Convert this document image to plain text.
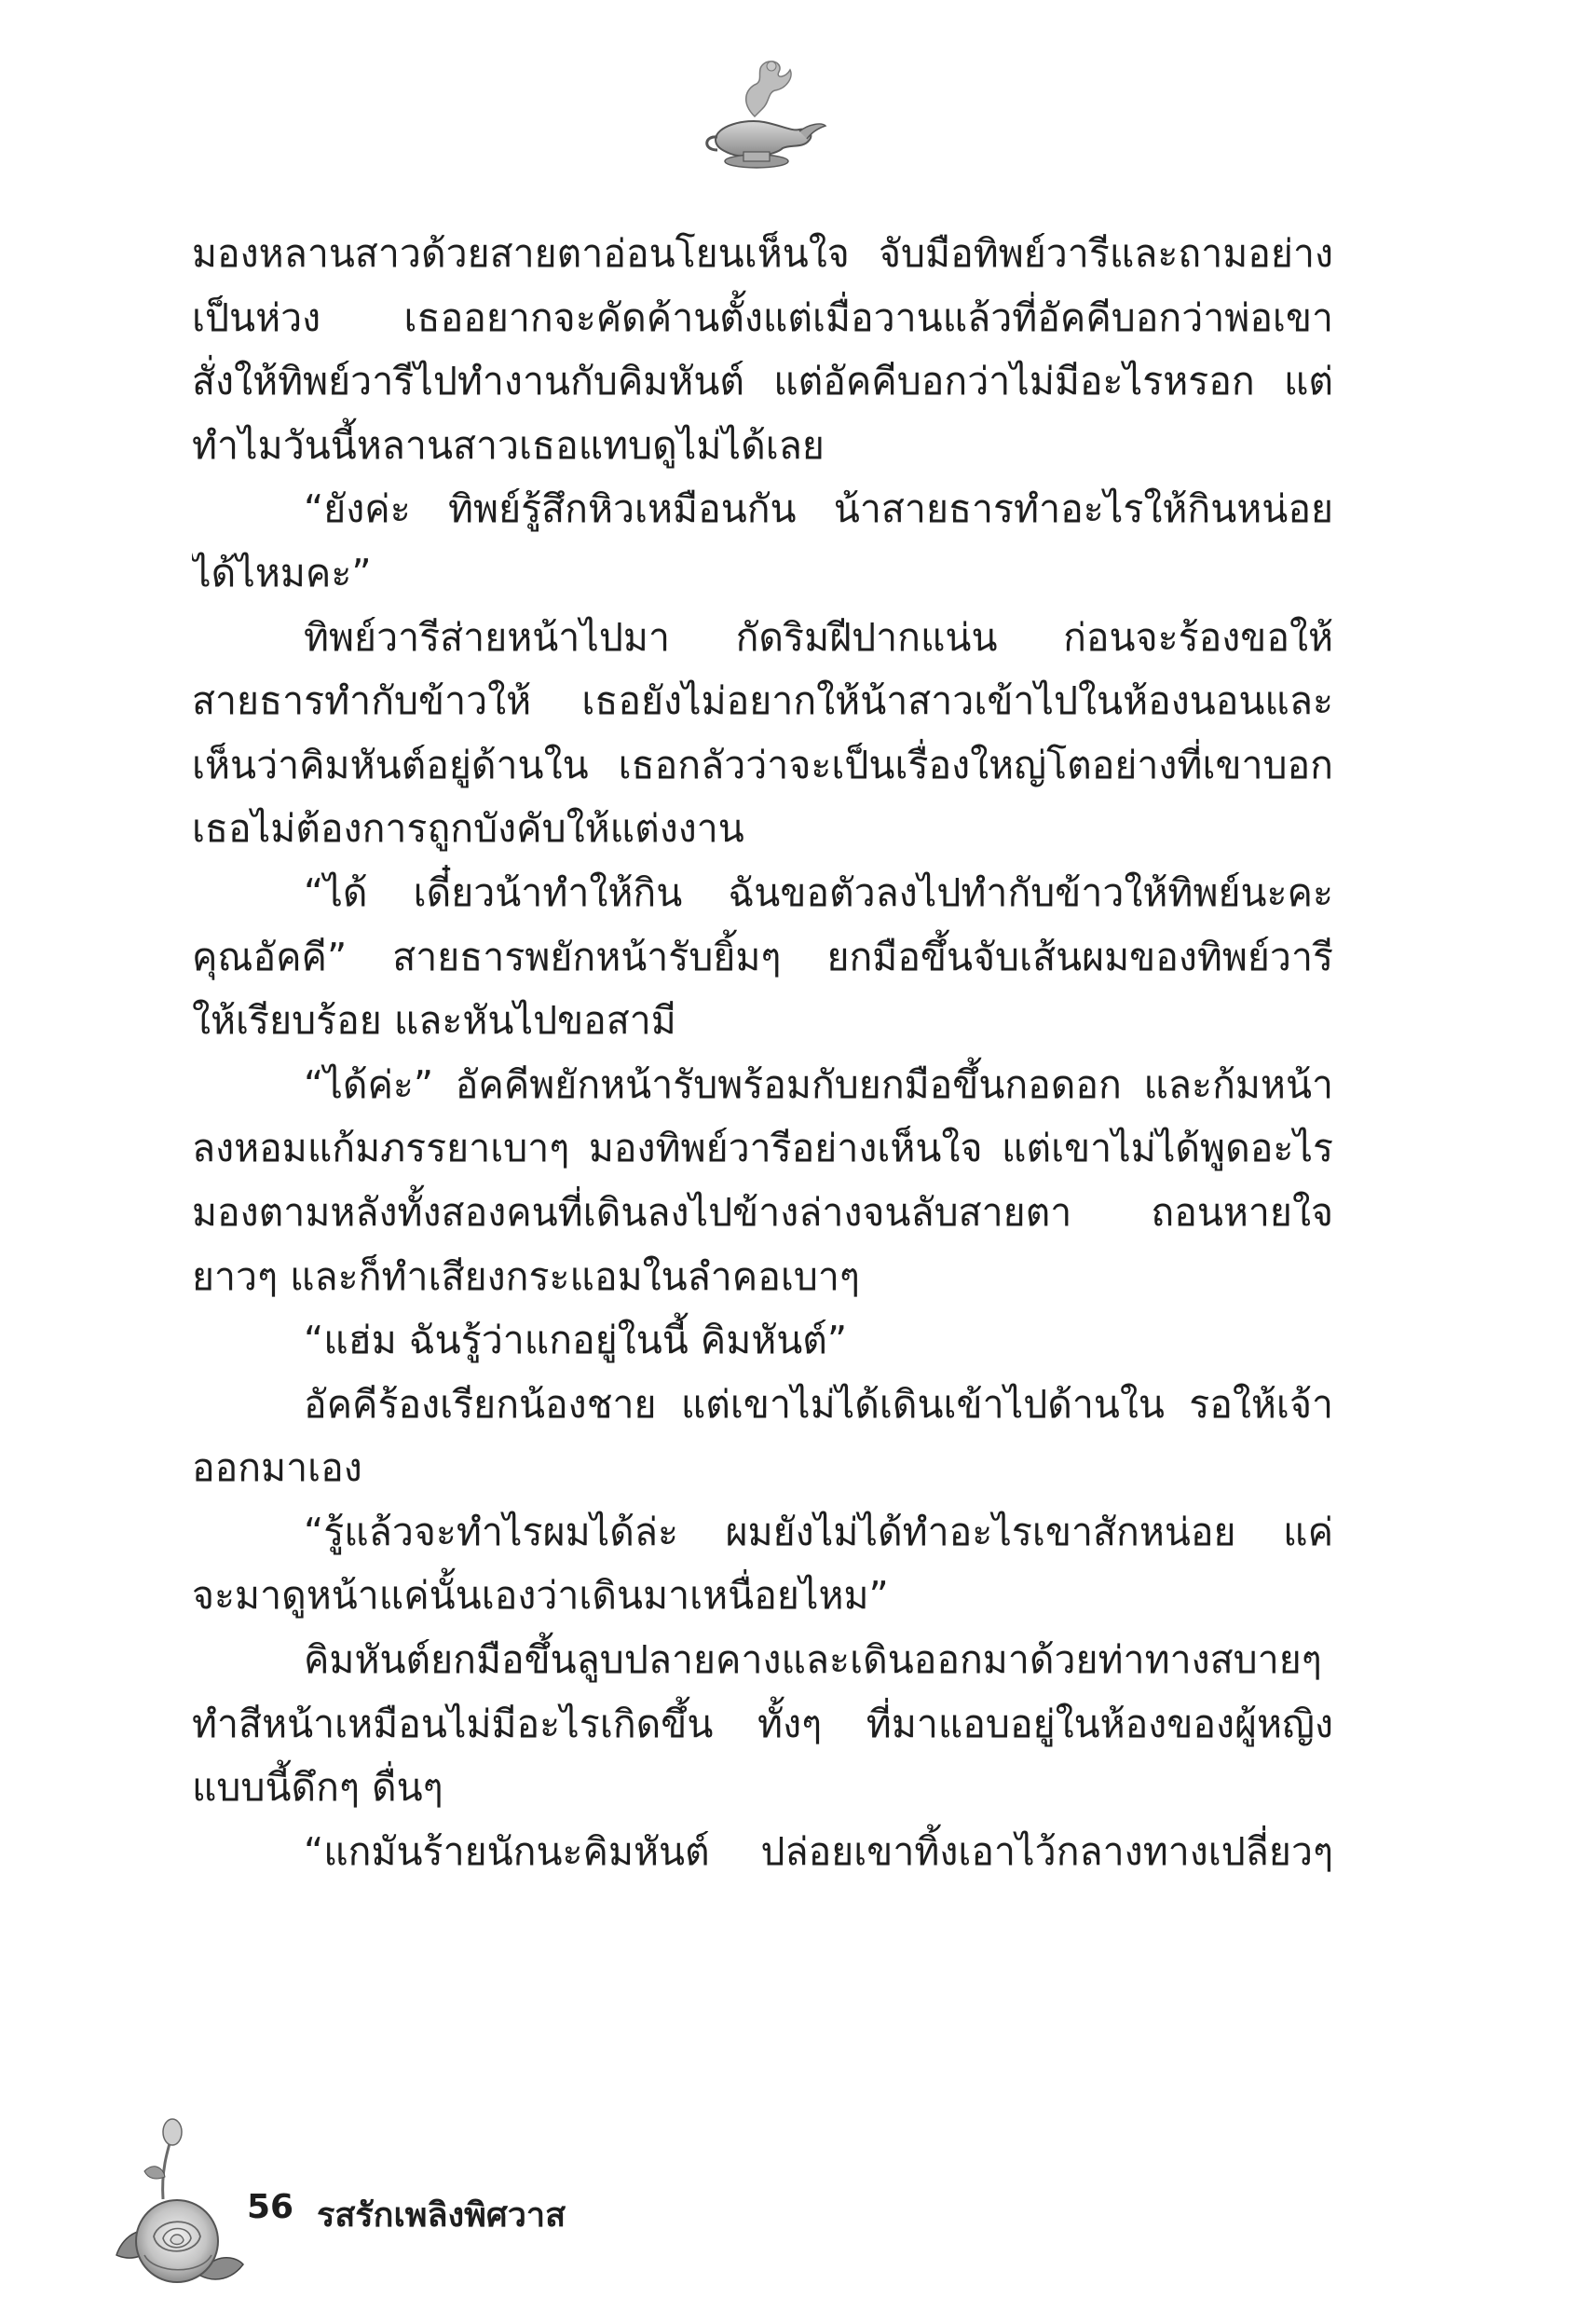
มองหลานสาวด้วยสายตาอ่อนโยนเห็นใจ จับมือทิพย์วารีและถามอย่าง
เป็นห่วง เธออยากจะคัดค้านตั้งแต่เมื่อวานแล้วที่อัคคีบอกว่าพ่อเขา
สั่งให้ทิพย์วารีไปทำงานกับคิมหันต์ แต่อัคคีบอกว่าไม่มีอะไรหรอก แต่
ทำไมวันนี้หลานสาวเธอแทบดูไม่ได้เลย
“ยังค่ะ ทิพย์รู้สึกหิวเหมือนกัน น้าสายธารทำอะไรให้กินหน่อย
ได้ไหมคะ”
ทิพย์วารีส่ายหน้าไปมา กัดริมฝีปากแน่น ก่อนจะร้องขอให้
สายธารทำกับข้าวให้ เธอยังไม่อยากให้น้าสาวเข้าไปในห้องนอนและ
เห็นว่าคิมหันต์อยู่ด้านใน เธอกลัวว่าจะเป็นเรื่องใหญ่โตอย่างที่เขาบอก
เธอไม่ต้องการถูกบังคับให้แต่งงาน
“ได้ เดี๋ยวน้าทำให้กิน ฉันขอตัวลงไปทำกับข้าวให้ทิพย์นะคะ
คุณอัคคี” สายธารพยักหน้ารับยิ้มๆ ยกมือขึ้นจับเส้นผมของทิพย์วารี
ให้เรียบร้อย และหันไปขอสามี
“ได้ค่ะ” อัคคีพยักหน้ารับพร้อมกับยกมือขึ้นกอดอก และก้มหน้า
ลงหอมแก้มภรรยาเบาๆ มองทิพย์วารีอย่างเห็นใจ แต่เขาไม่ได้พูดอะไร
มองตามหลังทั้งสองคนที่เดินลงไปข้างล่างจนลับสายตา ถอนหายใจ
ยาวๆ และก็ทำเสียงกระแอมในลำคอเบาๆ
“แฮ่ม ฉันรู้ว่าแกอยู่ในนี้ คิมหันต์”
อัคคีร้องเรียกน้องชาย แต่เขาไม่ได้เดินเข้าไปด้านใน รอให้เจ้า
ออกมาเอง
“รู้แล้วจะทำไรผมได้ล่ะ ผมยังไม่ได้ทำอะไรเขาสักหน่อย แค่
จะมาดูหน้าแค่นั้นเองว่าเดินมาเหนื่อยไหม”
คิมหันต์ยกมือขึ้นลูบปลายคางและเดินออกมาด้วยท่าทางสบายๆ
ทำสีหน้าเหมือนไม่มีอะไรเกิดขึ้น ทั้งๆ ที่มาแอบอยู่ในห้องของผู้หญิง
แบบนี้ดึกๆ ดื่นๆ
“แกมันร้ายนักนะคิมหันต์ ปล่อยเขาทิ้งเอาไว้กลางทางเปลี่ยวๆ
56 รสรักเพลิงพิศวาส
